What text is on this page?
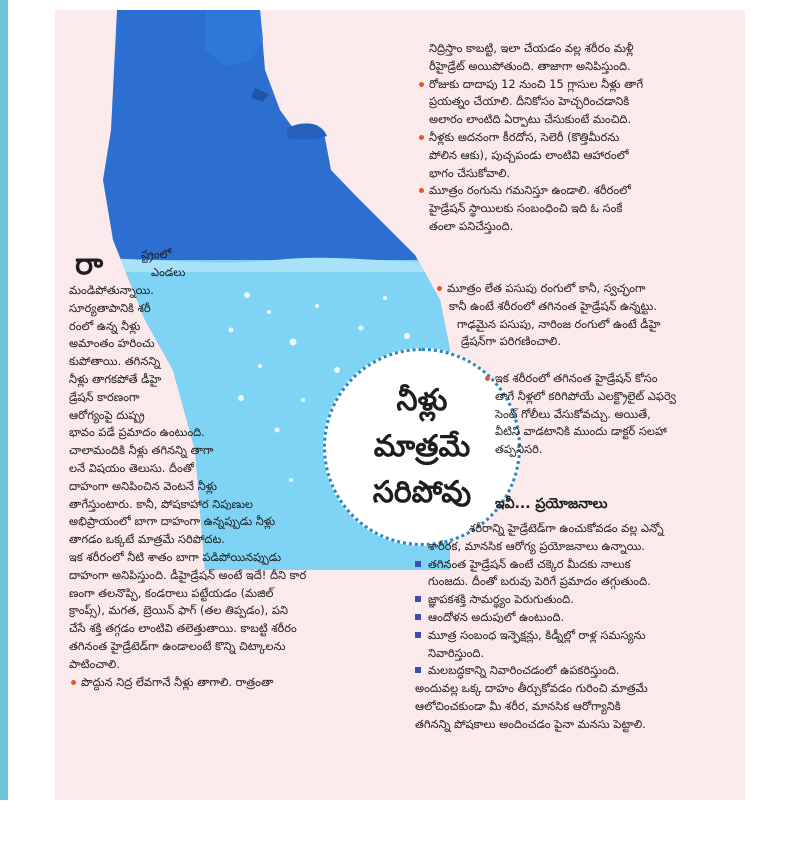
నీళ్లు
మాత్రమే
సరిపోవు
రా	ష్ట్రంలో

ఎండలు

మండిపోతున్నాయి.

సూర్యతాపానికి శరీ

రంలో ఉన్న నీళ్లు

అమాంతం హరించు

కుపోతాయి. తగినన్ని

నీళ్లు తాగకపోతే డీహై

డ్రేషన్ కారణంగా

ఆరోగ్యంపై దుష్ప్ర

భావం పడే ప్రమాదం ఉంటుంది.

చాలామందికి నీళ్లు తగినన్ని తాగా

లనే విషయం తెలుసు. దీంతో

దాహంగా అనిపించిన వెంటనే నీళ్లు

తాగేస్తుంటారు. కానీ, పోషకాహార నిపుణుల

అభిప్రాయంలో బాగా దాహంగా ఉన్నప్పుడు నీళ్లు

తాగడం ఒక్కటే మాత్రమే సరిపోదట.

ఇక శరీరంలో నీటి శాతం బాగా పడిపోయినప్పుడు

దాహంగా అనిపిస్తుంది. డీహైడ్రేషన్ అంటే ఇదే! దీని కార

ణంగా తలనొప్పి, కండరాలు పట్టేయడం (మజిల్

క్రాంప్స్), మగత, బ్రెయిన్ ఫాగ్ (తల తిప్పడం), పని

చేసే శక్తి తగ్గడం లాంటివి తలెత్తుతాయి. కాబట్టి శరీరం

తగినంత హైడ్రేటెడ్‌గా ఉండాలంటే కొన్ని చిట్కాలను

పాటించాలి.

పొద్దున నిద్ర లేవగానే నీళ్లు తాగాలి. రాత్రంతా

నిద్రిస్తాం కాబట్టి, ఇలా చేయడం వల్ల శరీరం మళ్లీ

రీహైడ్రేట్ అయిపోతుంది. తాజాగా అనిపిస్తుంది.

రోజుకు దాదాపు 12 నుంచి 15 గ్లాసుల నీళ్లు తాగే

ప్రయత్నం చేయాలి. దీనికోసం హెచ్చరించడానికి

అలారం లాంటిది ఏర్పాటు చేసుకుంటే మంచిది.

నీళ్లకు అదనంగా కీరదోస, సెలెరీ (కొత్తిమీరను

పోలిన ఆకు), పుచ్చపండు లాంటివి ఆహారంలో

భాగం చేసుకోవాలి.

మూత్రం రంగును గమనిస్తూ ఉండాలి. శరీరంలో

హైడ్రేషన్ స్థాయిలకు సంబంధించి ఇది ఓ సంకే

తంలా పనిచేస్తుంది.

మూత్రం లేత పసుపు రంగులో కానీ, స్వచ్ఛంగా

కానీ ఉంటే శరీరంలో తగినంత హైడ్రేషన్ ఉన్నట్టు.

గాఢమైన పసుపు, నారింజ రంగులో ఉంటే డీహై

డ్రేషన్‌గా పరిగణించాలి.

ఇక శరీరంలో తగినంత హైడ్రేషన్ కోసం

తాగే నీళ్లలో కరిగిపోయే ఎలక్ట్రొలైట్ ఎఫర్వె

సెంట్ గోలీలు వేసుకోవచ్చు. అయితే,

వీటిని వాడటానికి ముందు డాక్టర్ సలహా

తప్పనిసరి.

ఇవీ... ప్రయోజనాలు

శరీరాన్ని హైడ్రేటెడ్‌గా ఉంచుకోవడం వల్ల ఎన్నో

శారీరక, మానసిక ఆరోగ్య ప్రయోజనాలు ఉన్నాయి.

తగినంత హైడ్రేషన్ ఉంటే చక్కెర మీదకు నాలుక

గుంజదు. దీంతో బరువు పెరిగే ప్రమాదం తగ్గుతుంది.

జ్ఞాపకశక్తి సామర్థ్యం పెరుగుతుంది.

ఆందోళన అదుపులో ఉంటుంది.

మూత్ర సంబంధ ఇన్ఫెక్షన్లు, కిడ్నీల్లో రాళ్ల సమస్యను

నివారిస్తుంది.

మలబద్ధకాన్ని నివారించడంలో ఉపకరిస్తుంది.

అందువల్ల ఒక్క దాహం తీర్చుకోవడం గురించి మాత్రమే

ఆలోచించకుండా మీ శరీర, మానసిక ఆరోగ్యానికి

తగినన్ని పోషకాలు అందించడం పైనా మనసు పెట్టాలి.
